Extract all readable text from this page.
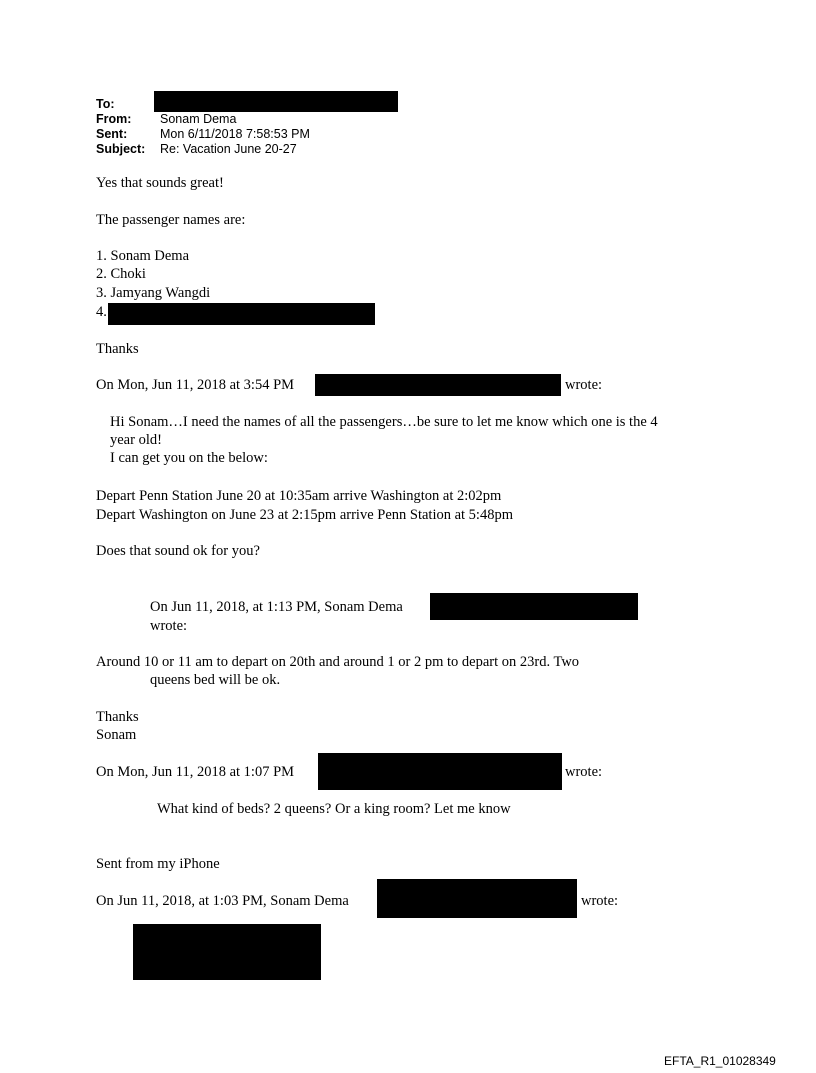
To:
From: Sonam Dema
Sent:	Mon 6/11/2018 7:58:53 PM
Subject: Re: Vacation June 20-27
Yes that sounds great!
The passenger names are:
1. Sonam Dema
2. Choki
3. Jamyang Wangdi
4.
Thanks
On Mon, Jun 11, 2018 at 3:54 PM	wrote:
Hi Sonam…I need the names of all the passengers…be sure to let me know which one is the 4
year old!
I can get you on the below:
Depart Penn Station June 20 at 10:35am arrive Washington at 2:02pm
Depart Washington on June 23 at 2:15pm arrive Penn Station at 5:48pm
Does that sound ok for you?
On Jun 11, 2018, at 1:13 PM, Sonam Dema
wrote:
Around 10 or 11 am to depart on 20th and around 1 or 2 pm to depart on 23rd. Two
queens bed will be ok.
Thanks
Sonam
On Mon, Jun 11, 2018 at 1:07 PM	wrote:
What kind of beds? 2 queens? Or a king room? Let me know
Sent from my iPhone
On Jun 11, 2018, at 1:03 PM, Sonam Dema	wrote:
EFTA_R1_01028349
